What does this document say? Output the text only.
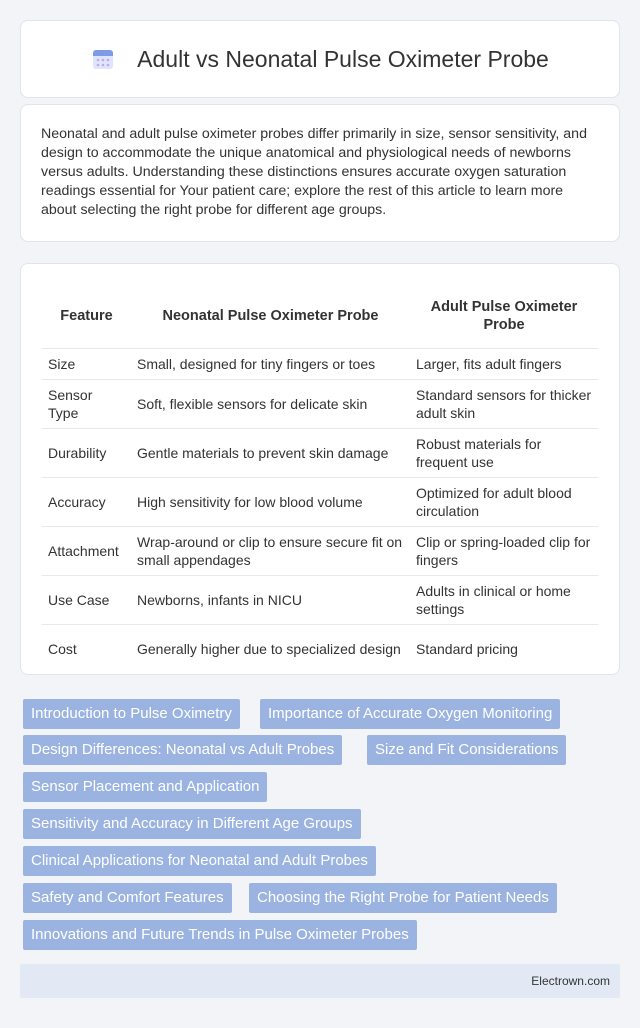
Adult vs Neonatal Pulse Oximeter Probe

Neonatal and adult pulse oximeter probes differ primarily in size, sensor sensitivity, and design to accommodate the unique anatomical and physiological needs of newborns versus adults. Understanding these distinctions ensures accurate oxygen saturation readings essential for Your patient care; explore the rest of this article to learn more about selecting the right probe for different age groups.

Feature	Neonatal Pulse Oximeter Probe	Adult Pulse Oximeter Probe
Size	Small, designed for tiny fingers or toes	Larger, fits adult fingers
Sensor Type	Soft, flexible sensors for delicate skin	Standard sensors for thicker adult skin
Durability	Gentle materials to prevent skin damage	Robust materials for frequent use
Accuracy	High sensitivity for low blood volume	Optimized for adult blood circulation
Attachment	Wrap-around or clip to ensure secure fit on small appendages	Clip or spring-loaded clip for fingers
Use Case	Newborns, infants in NICU	Adults in clinical or home settings
Cost	Generally higher due to specialized design	Standard pricing
Introduction to Pulse Oximetry	Importance of Accurate Oxygen Monitoring
Design Differences: Neonatal vs Adult Probes	Size and Fit Considerations
Sensor Placement and Application
Sensitivity and Accuracy in Different Age Groups
Clinical Applications for Neonatal and Adult Probes
Safety and Comfort Features	Choosing the Right Probe for Patient Needs
Innovations and Future Trends in Pulse Oximeter Probes
Electrown.com
